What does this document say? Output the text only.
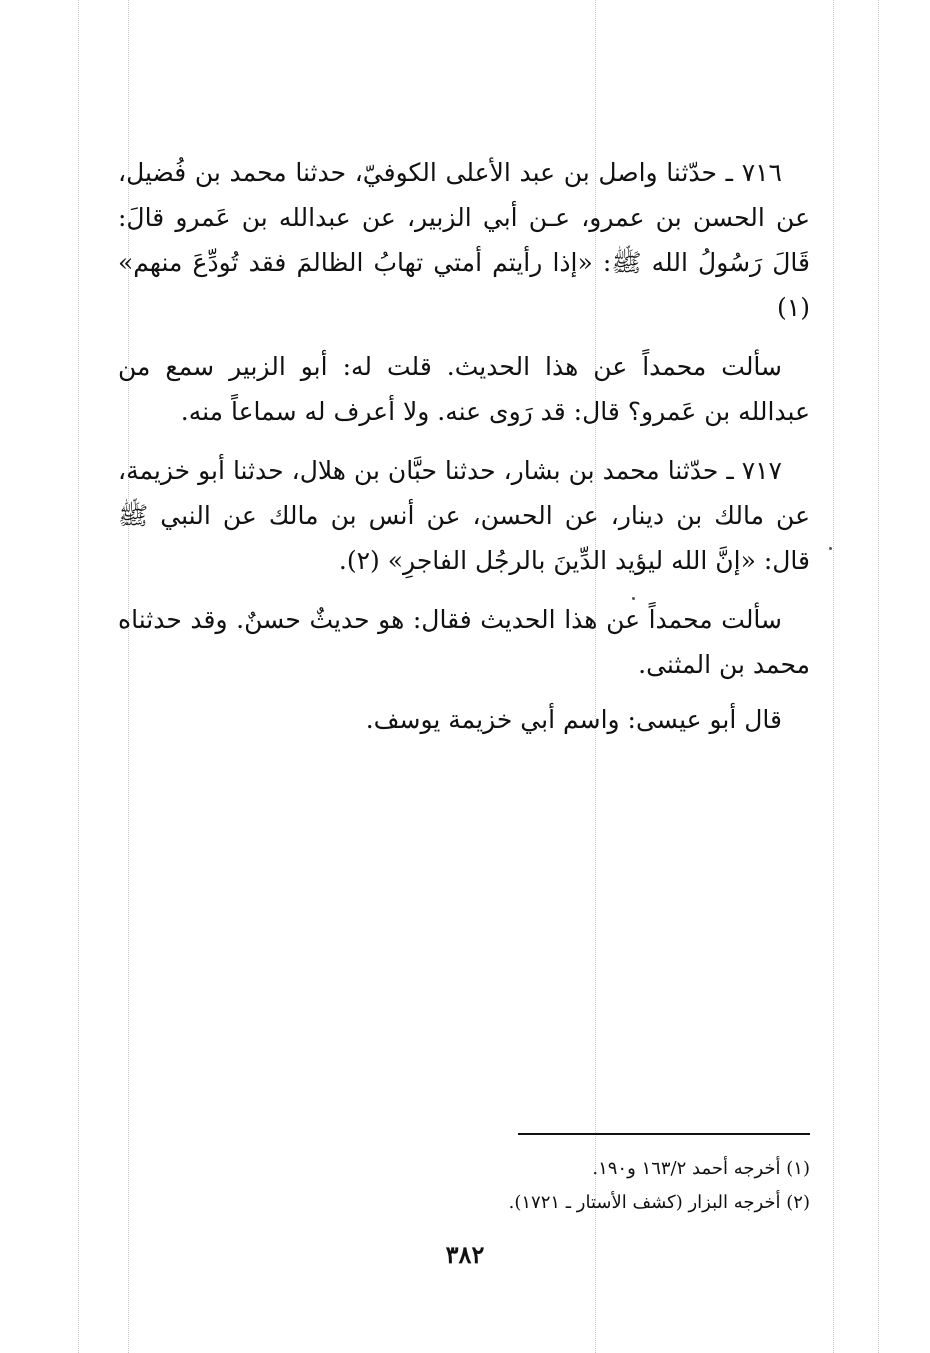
٧١٦ ـ حدّثنا واصل بن عبد الأعلى الكوفيّ، حدثنا محمد بن فُضيل، عن الحسن بن عمرو، عـن أبي الزبير، عن عبدالله بن عَمرو قالَ: قَالَ رَسُولُ الله ﷺ: «إذا رأيتم أمتي تهابُ الظالمَ فقد تُودِّعَ منهم» (١)

سألت محمداً عن هذا الحديث. قلت له: أبو الزبير سمع من عبدالله بن عَمرو؟ قال: قد رَوى عنه. ولا أعرف له سماعاً منه.

٧١٧ ـ حدّثنا محمد بن بشار، حدثنا حبَّان بن هلال، حدثنا أبو خزيمة، عن مالك بن دينار، عن الحسن، عن أنس بن مالك عن النبي ﷺ قال: «إنَّ الله ليؤيد الدِّينَ بالرجُل الفاجرِ» (٢).

سألت محمداً عن هذا الحديث فقال: هو حديثٌ حسنٌ. وقد حدثناه محمد بن المثنى.

قال أبو عيسى: واسم أبي خزيمة يوسف.

(١) أخرجه أحمد ١٦٣/٢ و١٩٠.
(٢) أخرجه البزار (كشف الأستار ـ ١٧٢١).
٣٨٢
